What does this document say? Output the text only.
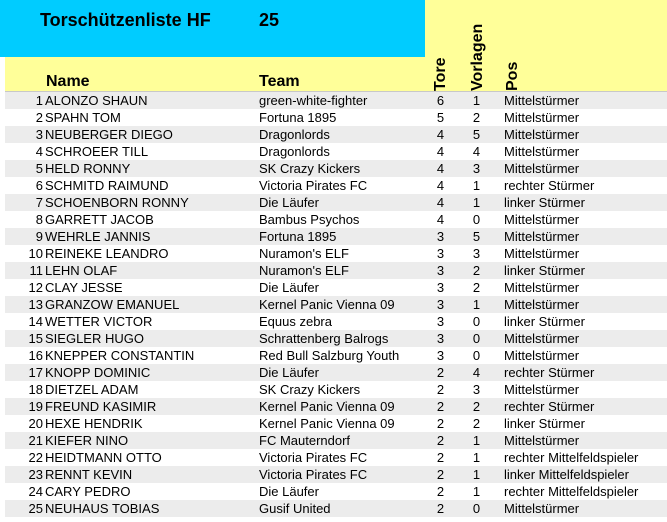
Torschützenliste HF	25
Name	Team	Tore Vorlagen Pos
1 ALONZO SHAUN	green-white-fighter	6 1 Mittelstürmer
2 SPAHN TOM	Fortuna 1895	5 2 Mittelstürmer
3 NEUBERGER DIEGO	Dragonlords	4 5 Mittelstürmer
4 SCHROEER TILL	Dragonlords	4 4 Mittelstürmer
5 HELD RONNY	SK Crazy Kickers	4 3 Mittelstürmer
6 SCHMITD RAIMUND	Victoria Pirates FC	4 1 rechter Stürmer
7 SCHOENBORN RONNY	Die Läufer	4 1 linker Stürmer
8 GARRETT JACOB	Bambus Psychos	4 0 Mittelstürmer
9 WEHRLE JANNIS	Fortuna 1895	3 5 Mittelstürmer
10 REINEKE LEANDRO	Nuramon's ELF	3 3 Mittelstürmer
11 LEHN OLAF	Nuramon's ELF	3 2 linker Stürmer
12 CLAY JESSE	Die Läufer	3 2 Mittelstürmer
13 GRANZOW EMANUEL	Kernel Panic Vienna 09	3 1 Mittelstürmer
14 WETTER VICTOR	Equus zebra	3 0 linker Stürmer
15 SIEGLER HUGO	Schrattenberg Balrogs	3 0 Mittelstürmer
16 KNEPPER CONSTANTIN	Red Bull Salzburg Youth	3 0 Mittelstürmer
17 KNOPP DOMINIC	Die Läufer	2 4 rechter Stürmer
18 DIETZEL ADAM	SK Crazy Kickers	2 3 Mittelstürmer
19 FREUND KASIMIR	Kernel Panic Vienna 09	2 2 rechter Stürmer
20 HEXE HENDRIK	Kernel Panic Vienna 09	2 2 linker Stürmer
21 KIEFER NINO	FC Mauterndorf	2 1 Mittelstürmer
22 HEIDTMANN OTTO	Victoria Pirates FC	2 1 rechter Mittelfeldspieler
23 RENNT KEVIN	Victoria Pirates FC	2 1 linker Mittelfeldspieler
24 CARY PEDRO	Die Läufer	2 1 rechter Mittelfeldspieler
25 NEUHAUS TOBIAS	Gusif United	2 0 Mittelstürmer
